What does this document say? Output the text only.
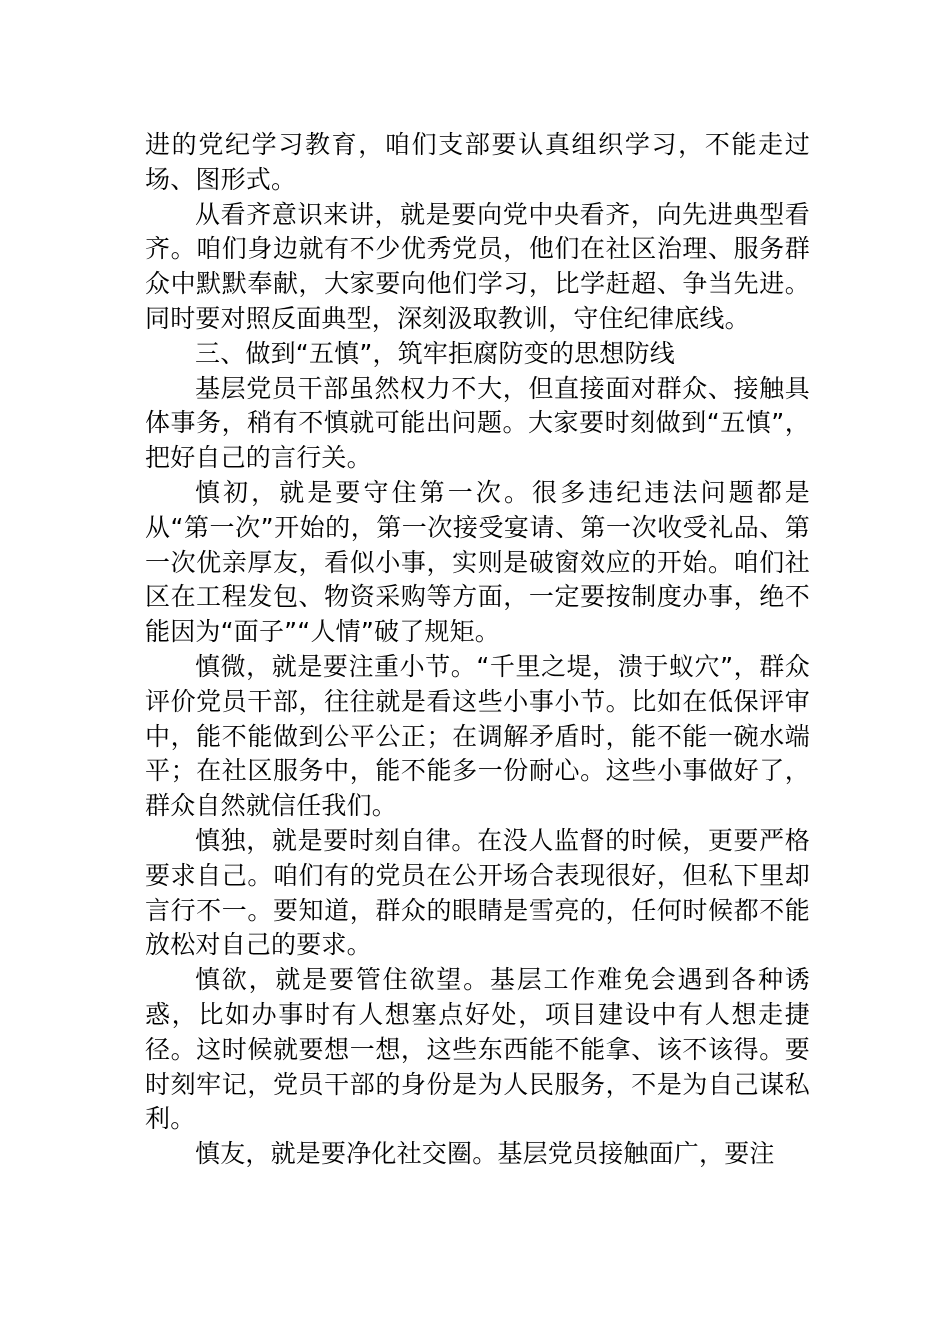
进的党纪学习教育，咱们支部要认真组织学习，不能走过场、图形式。

从看齐意识来讲，就是要向党中央看齐，向先进典型看齐。咱们身边就有不少优秀党员，他们在社区治理、服务群众中默默奉献，大家要向他们学习，比学赶超、争当先进。同时要对照反面典型，深刻汲取教训，守住纪律底线。

三、做到“五慎”，筑牢拒腐防变的思想防线

基层党员干部虽然权力不大，但直接面对群众、接触具体事务，稍有不慎就可能出问题。大家要时刻做到“五慎”，把好自己的言行关。

慎初，就是要守住第一次。很多违纪违法问题都是从“第一次”开始的，第一次接受宴请、第一次收受礼品、第一次优亲厚友，看似小事，实则是破窗效应的开始。咱们社区在工程发包、物资采购等方面，一定要按制度办事，绝不能因为“面子”“人情”破了规矩。

慎微，就是要注重小节。“千里之堤，溃于蚁穴”，群众评价党员干部，往往就是看这些小事小节。比如在低保评审中，能不能做到公平公正；在调解矛盾时，能不能一碗水端平；在社区服务中，能不能多一份耐心。这些小事做好了，群众自然就信任我们。

慎独，就是要时刻自律。在没人监督的时候，更要严格要求自己。咱们有的党员在公开场合表现很好，但私下里却言行不一。要知道，群众的眼睛是雪亮的，任何时候都不能放松对自己的要求。

慎欲，就是要管住欲望。基层工作难免会遇到各种诱惑，比如办事时有人想塞点好处，项目建设中有人想走捷径。这时候就要想一想，这些东西能不能拿、该不该得。要时刻牢记，党员干部的身份是为人民服务，不是为自己谋私利。

慎友，就是要净化社交圈。基层党员接触面广，要注
